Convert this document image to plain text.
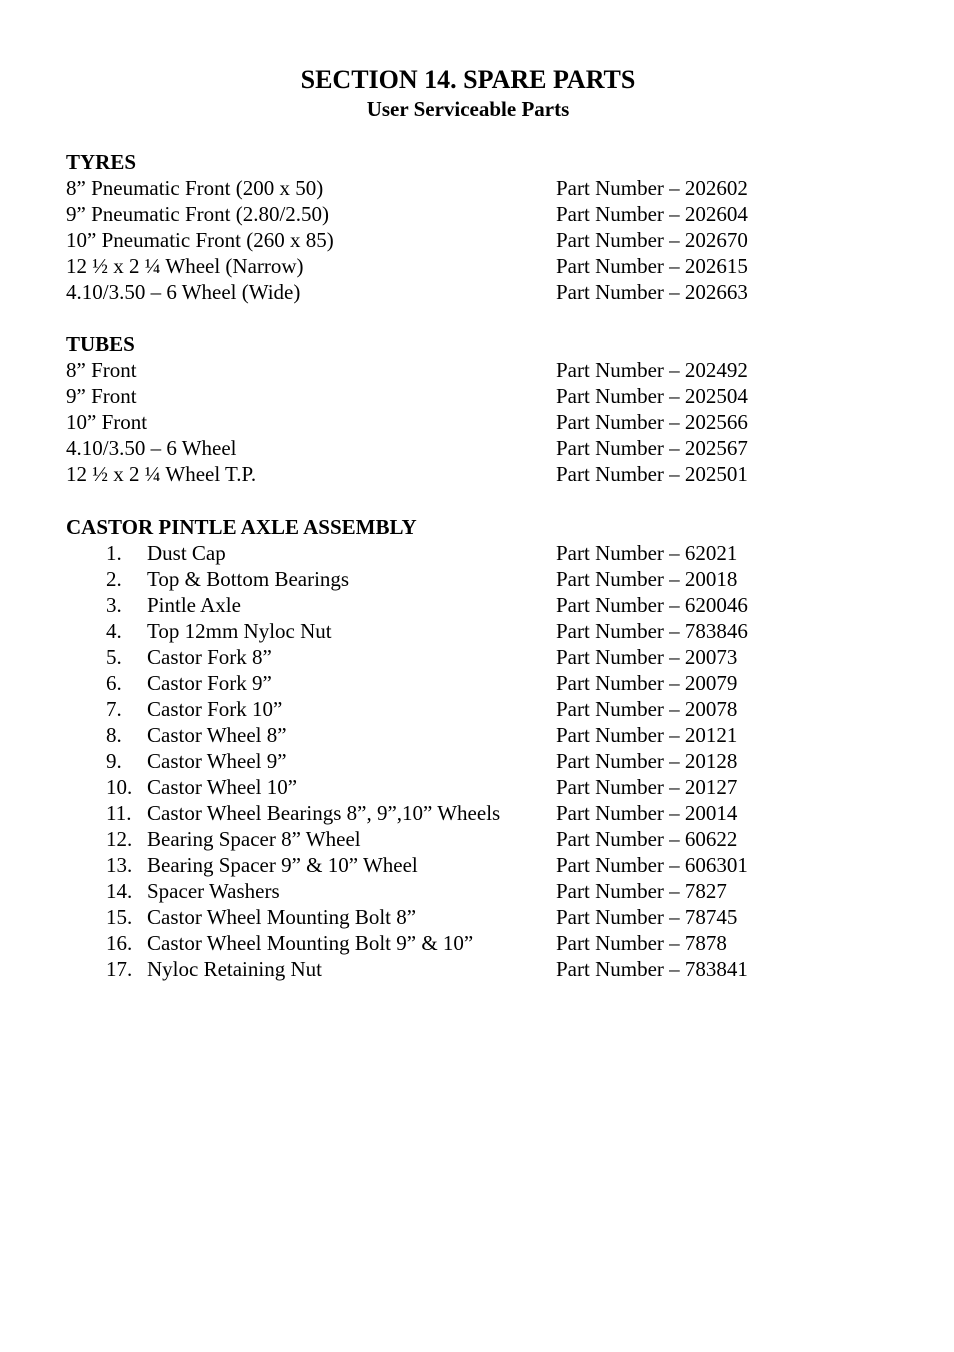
SECTION 14. SPARE PARTS
User Serviceable Parts
TYRES
8” Pneumatic Front (200 x 50)	Part Number – 202602
9” Pneumatic Front (2.80/2.50)	Part Number – 202604
10” Pneumatic Front (260 x 85)	Part Number – 202670
12 ½ x 2 ¼ Wheel (Narrow)	Part Number – 202615
4.10/3.50 – 6 Wheel (Wide)	Part Number – 202663
TUBES
8” Front	Part Number – 202492
9” Front	Part Number – 202504
10” Front	Part Number – 202566
4.10/3.50 – 6 Wheel	Part Number – 202567
12 ½ x 2 ¼ Wheel T.P.	Part Number – 202501
CASTOR PINTLE AXLE ASSEMBLY
1.	Dust Cap	Part Number – 62021
2.	Top & Bottom Bearings	Part Number – 20018
3.	Pintle Axle	Part Number – 620046
4.	Top 12mm Nyloc Nut	Part Number – 783846
5.	Castor Fork 8”	Part Number – 20073
6.	Castor Fork 9”	Part Number – 20079
7.	Castor Fork 10”	Part Number – 20078
8.	Castor Wheel 8”	Part Number – 20121
9.	Castor Wheel 9”	Part Number – 20128
10. Castor Wheel 10”	Part Number – 20127
11. Castor Wheel Bearings 8”, 9”,10” Wheels	Part Number – 20014
12. Bearing Spacer 8” Wheel	Part Number – 60622
13. Bearing Spacer 9” & 10” Wheel	Part Number – 606301
14. Spacer Washers	Part Number – 7827
15. Castor Wheel Mounting Bolt 8”	Part Number – 78745
16. Castor Wheel Mounting Bolt 9” & 10”	Part Number – 7878
17. Nyloc Retaining Nut	Part Number – 783841
